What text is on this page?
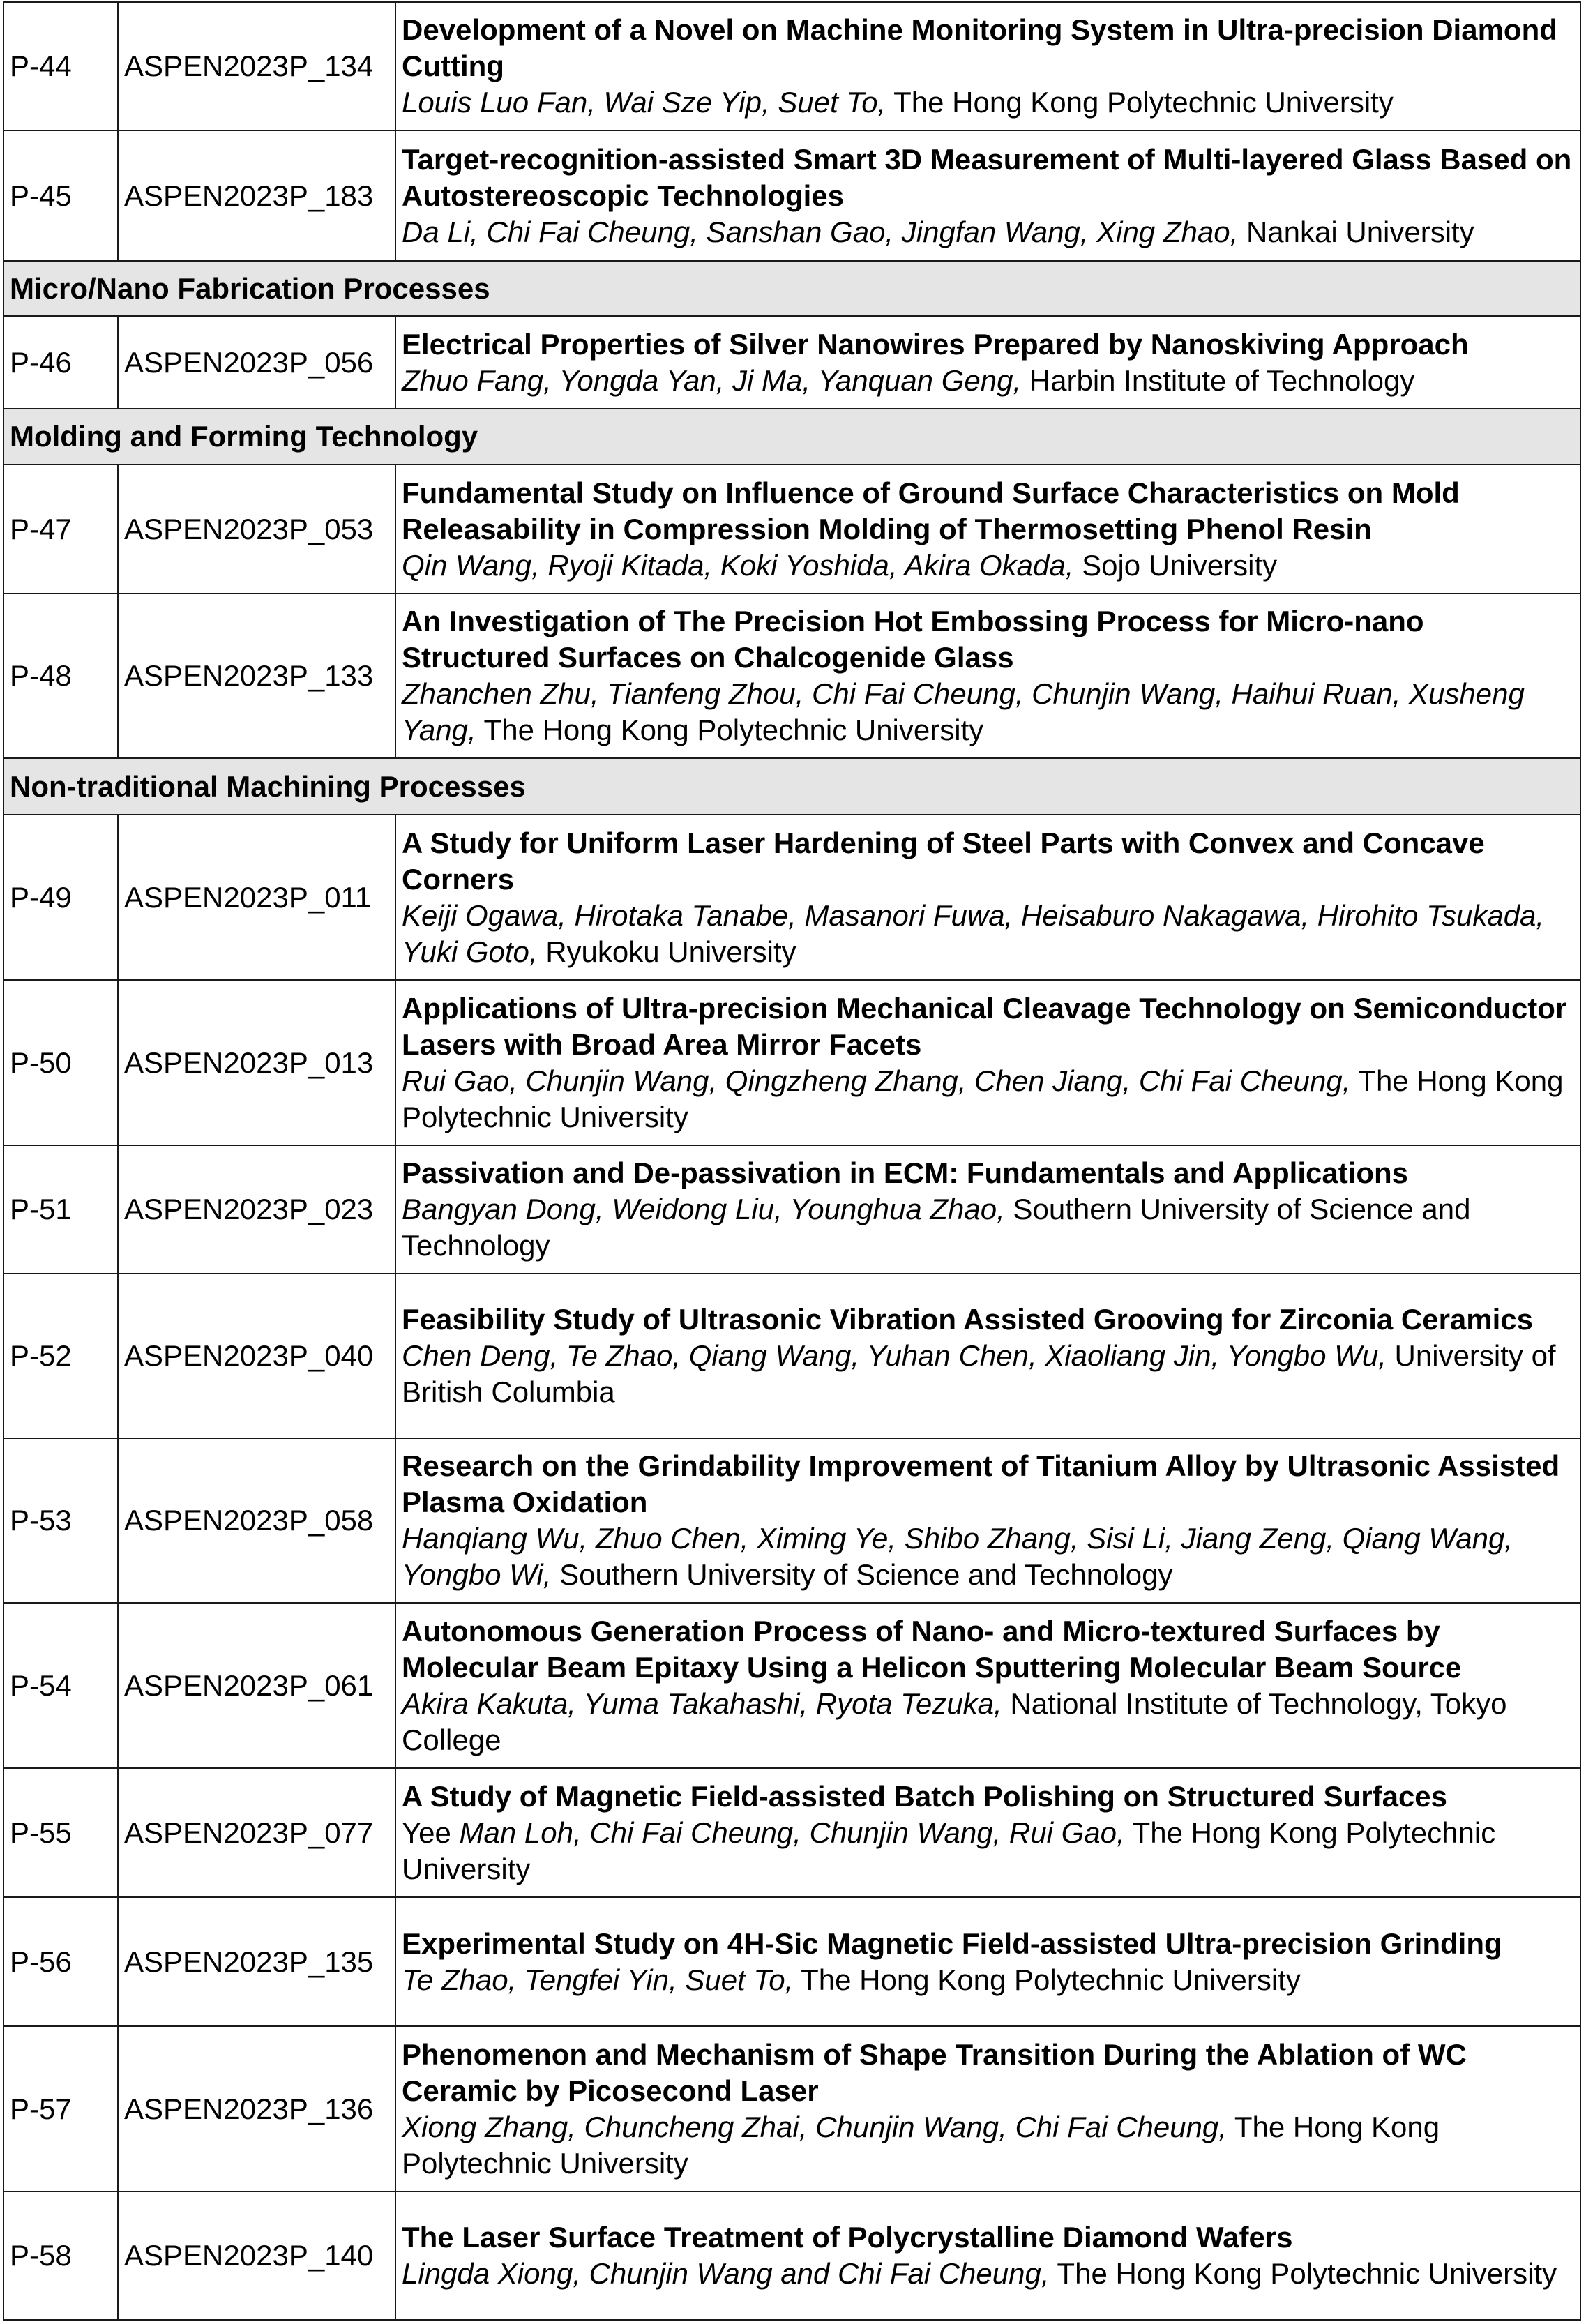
P-44	ASPEN2023P_134	Development of a Novel on Machine Monitoring System in Ultra-precision Diamond Cutting
Louis Luo Fan, Wai Sze Yip, Suet To, The Hong Kong Polytechnic University
P-45	ASPEN2023P_183	Target-recognition-assisted Smart 3D Measurement of Multi-layered Glass Based on Autostereoscopic Technologies
Da Li, Chi Fai Cheung, Sanshan Gao, Jingfan Wang, Xing Zhao, Nankai University
Micro/Nano Fabrication Processes		
P-46	ASPEN2023P_056	Electrical Properties of Silver Nanowires Prepared by Nanoskiving Approach
Zhuo Fang, Yongda Yan, Ji Ma, Yanquan Geng, Harbin Institute of Technology
Molding and Forming Technology		
P-47	ASPEN2023P_053	Fundamental Study on Influence of Ground Surface Characteristics on Mold Releasability in Compression Molding of Thermosetting Phenol Resin
Qin Wang, Ryoji Kitada, Koki Yoshida, Akira Okada, Sojo University
P-48	ASPEN2023P_133	An Investigation of The Precision Hot Embossing Process for Micro-nano Structured Surfaces on Chalcogenide Glass
Zhanchen Zhu, Tianfeng Zhou, Chi Fai Cheung, Chunjin Wang, Haihui Ruan, Xusheng Yang, The Hong Kong Polytechnic University
Non-traditional Machining Processes		
P-49	ASPEN2023P_011	A Study for Uniform Laser Hardening of Steel Parts with Convex and Concave Corners
Keiji Ogawa, Hirotaka Tanabe, Masanori Fuwa, Heisaburo Nakagawa, Hirohito Tsukada, Yuki Goto, Ryukoku University
P-50	ASPEN2023P_013	Applications of Ultra-precision Mechanical Cleavage Technology on Semiconductor Lasers with Broad Area Mirror Facets
Rui Gao, Chunjin Wang, Qingzheng Zhang, Chen Jiang, Chi Fai Cheung, The Hong Kong Polytechnic University
P-51	ASPEN2023P_023	Passivation and De-passivation in ECM: Fundamentals and Applications
Bangyan Dong, Weidong Liu, Younghua Zhao, Southern University of Science and Technology
P-52	ASPEN2023P_040	Feasibility Study of Ultrasonic Vibration Assisted Grooving for Zirconia Ceramics
Chen Deng, Te Zhao, Qiang Wang, Yuhan Chen, Xiaoliang Jin, Yongbo Wu, University of British Columbia
P-53	ASPEN2023P_058	Research on the Grindability Improvement of Titanium Alloy by Ultrasonic Assisted Plasma Oxidation
Hanqiang Wu, Zhuo Chen, Ximing Ye, Shibo Zhang, Sisi Li, Jiang Zeng, Qiang Wang, Yongbo Wi, Southern University of Science and Technology
P-54	ASPEN2023P_061	Autonomous Generation Process of Nano- and Micro-textured Surfaces by Molecular Beam Epitaxy Using a Helicon Sputtering Molecular Beam Source
Akira Kakuta, Yuma Takahashi, Ryota Tezuka, National Institute of Technology, Tokyo College
P-55	ASPEN2023P_077	A Study of Magnetic Field-assisted Batch Polishing on Structured Surfaces
Yee Man Loh, Chi Fai Cheung, Chunjin Wang, Rui Gao, The Hong Kong Polytechnic University
P-56	ASPEN2023P_135	Experimental Study on 4H-Sic Magnetic Field-assisted Ultra-precision Grinding
Te Zhao, Tengfei Yin, Suet To, The Hong Kong Polytechnic University
P-57	ASPEN2023P_136	Phenomenon and Mechanism of Shape Transition During the Ablation of WC Ceramic by Picosecond Laser
Xiong Zhang, Chuncheng Zhai, Chunjin Wang, Chi Fai Cheung, The Hong Kong Polytechnic University
P-58	ASPEN2023P_140	The Laser Surface Treatment of Polycrystalline Diamond Wafers
Lingda Xiong, Chunjin Wang and Chi Fai Cheung, The Hong Kong Polytechnic University
